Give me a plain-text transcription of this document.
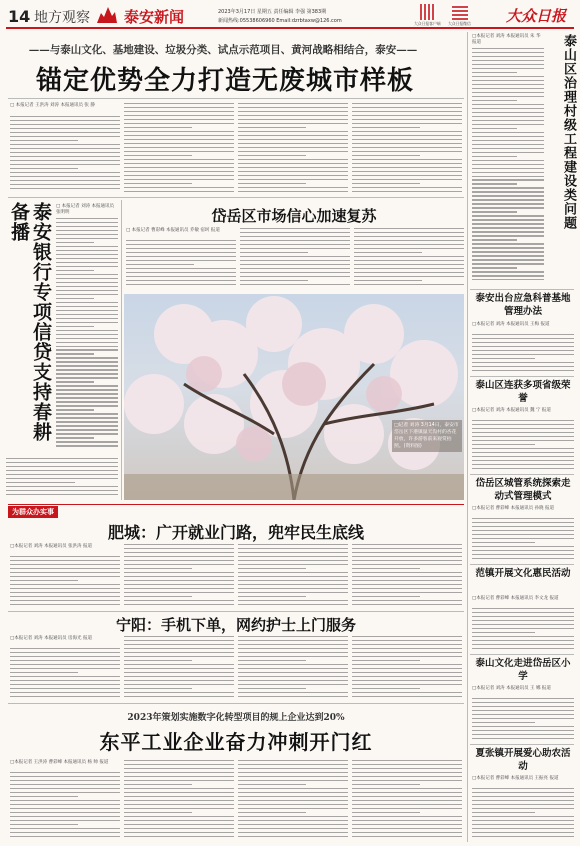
14 地方观察 泰安新闻	2023年3月17日 星期五 责任编辑 李强 第383期
新闻热线:05538606960 Email:dzrbtaxw@126.com	大众日报客户端 大众日报微信 大众日报
——与泰山文化、基地建设、垃圾分类、试点示范项目、黄河战略相结合，泰安——
锚定优势全力打造无废城市样板
□ 本报记者 王洪涛 刘涛 本报通讯员 张 静
泰安银行专项信贷支持春耕备播	□ 本报记者 刘涛 本报通讯员 张明明	岱岳区市场信心加速复苏
□ 本报记者 曹彩峰 本报通讯员 乔敏 宿珂 报道
□记者 刘涛 3月14日，泰安市岱岳区下港镇鼠天沟村的杏花开放，许多游客前来观赏拍照。(资料图)
为群众办实事
肥城：广开就业门路，兜牢民生底线
□本报记者 刘涛 本报通讯员 张洪涛 报道
宁阳：手机下单，网约护士上门服务
□本报记者 刘涛 本报通讯员 房海光 报道
2023年策划实施数字化转型项目的规上企业达到20%
东平工业企业奋力冲刺开门红
□本报记者 王洪涛 曹彩峰 本报通讯员 杨 帅 报道
□本报记者 刘涛 本报通讯员 朱 华 报道	泰山区治理村级工程建设类问题
泰安出台应急科普基地管理办法
□本报记者 刘涛 本报通讯员 王梅 报道
泰山区连获多项省级荣誉
□本报记者 刘涛 本报通讯员 魏 宁 报道
岱岳区城管系统探索走动式管理模式
□本报记者 曹彩峰 本报通讯员 孙晓 报道
范镇开展文化惠民活动
□本报记者 曹彩峰 本报通讯员 李文龙 报道
泰山文化走进岱岳区小学
□本报记者 刘涛 本报通讯员 王 娜 报道
夏张镇开展爱心助农活动
□本报记者 曹彩峰 本报通讯员 王振亮 报道
